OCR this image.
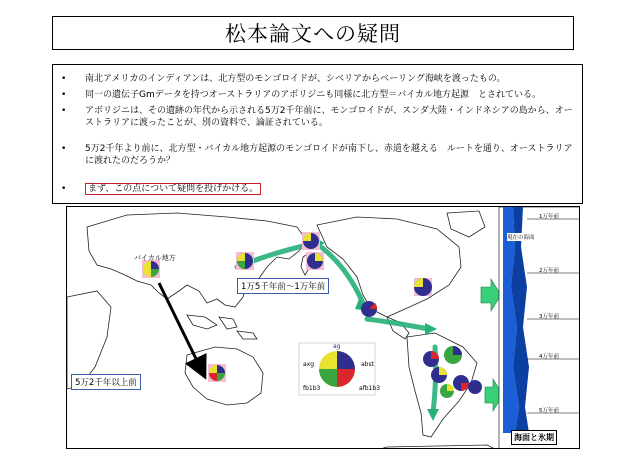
松本論文への疑問
• 南北アメリカのインディアンは、北方型のモンゴロイドが、シベリアからベーリング海峡を渡ったもの。
• 同一の遺伝子Gmデータを持つオーストラリアのアボリジニも同様に北方型＝バイカル地方起源　とされている。
• アボリジニは、その遺跡の年代から示される5万2千年前に、モンゴロイドが、スンダ大陸・インドネシアの島から、オーストラリアに渡ったことが、別の資料で、論証されている。
• 5万2千年より前に、北方型・バイカル地方起源のモンゴロイドが南下し、赤道を越える　ルートを通り、オーストラリアに渡れたのだろうか？
•	まず、この点について疑問を投げかける。
バイカル地方
1万5千年前～1万年前
5万2千年以上前
ag
axg	abst
fb1b3	afb1b3
現在の海面
1万年前
2万年前
3万年前
4万年前
5万年前
海面と氷期
